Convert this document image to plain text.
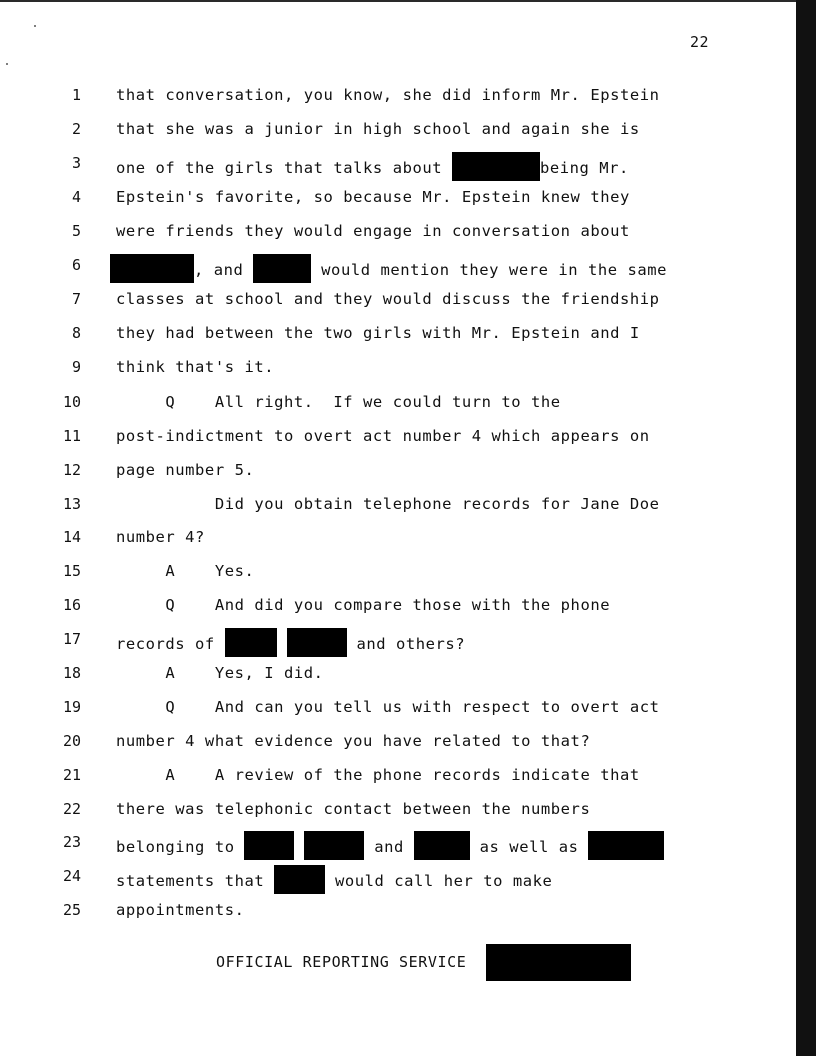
22
1 that conversation, you know, she did inform Mr. Epstein
2 that she was a junior in high school and again she is
3 one of the girls that talks about	being Mr.
4 Epstein's favorite, so because Mr. Epstein knew they
5 were friends they would engage in conversation about
6	, and	would mention they were in the same
7 classes at school and they would discuss the friendship
8 they had between the two girls with Mr. Epstein and I
9 think that's it.
10 Q    All right.  If we could turn to the
11 post-indictment to overt act number 4 which appears on
12 page number 5.
13 Did you obtain telephone records for Jane Doe
14 number 4?
15 A    Yes.
16 Q    And did you compare those with the phone
17 records of	and others?
18 A    Yes, I did.
19 Q    And can you tell us with respect to overt act
20 number 4 what evidence you have related to that?
21 A    A review of the phone records indicate that
22 there was telephonic contact between the numbers
23 belonging to	and	as well as
24 statements that	would call her to make
25 appointments.
OFFICIAL REPORTING SERVICE
